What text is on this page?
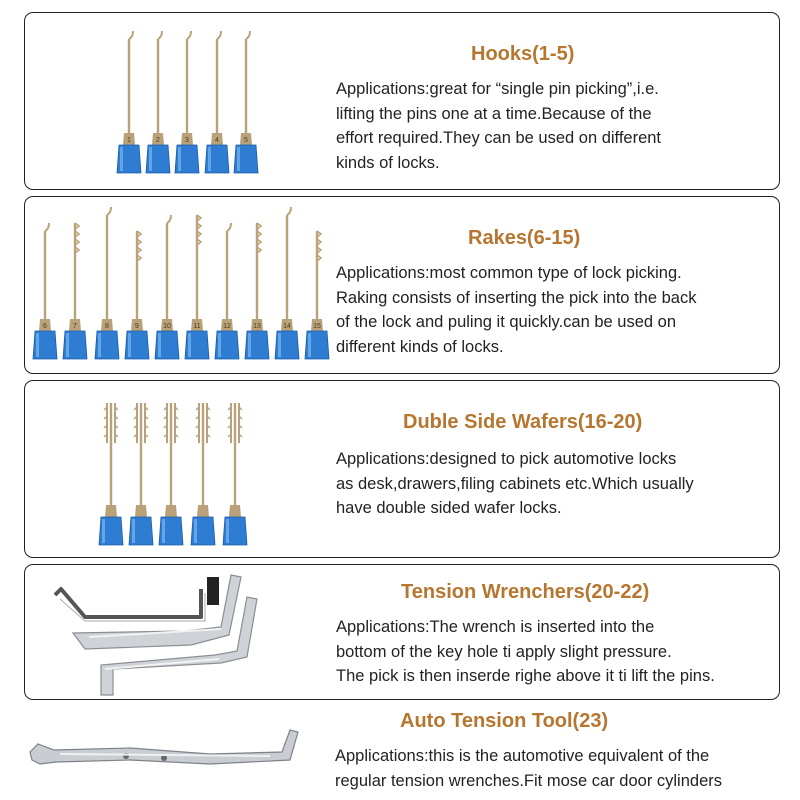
1	2	3	4	5
Hooks(1-5)
Applications:great for “single pin picking”,i.e.
lifting the pins one at a time.Because of the
effort required.They can be used on different
kinds of locks.
6	7	8	9	10	11	12	13	14	15
Rakes(6-15)
Applications:most common type of lock picking.
Raking consists of inserting the pick into the back
of the lock and puling it quickly.can be used on
different kinds of locks.
Duble Side Wafers(16-20)
Applications:designed to pick automotive locks
as desk,drawers,filing cabinets etc.Which usually
have double sided wafer locks.
Tension Wrenchers(20-22)
Applications:The wrench is inserted into the
bottom of the key hole ti apply slight pressure.
The pick is then inserde righe above it ti lift the pins.
Auto Tension Tool(23)
Applications:this is the automotive equivalent of the
regular tension wrenches.Fit mose car door cylinders
